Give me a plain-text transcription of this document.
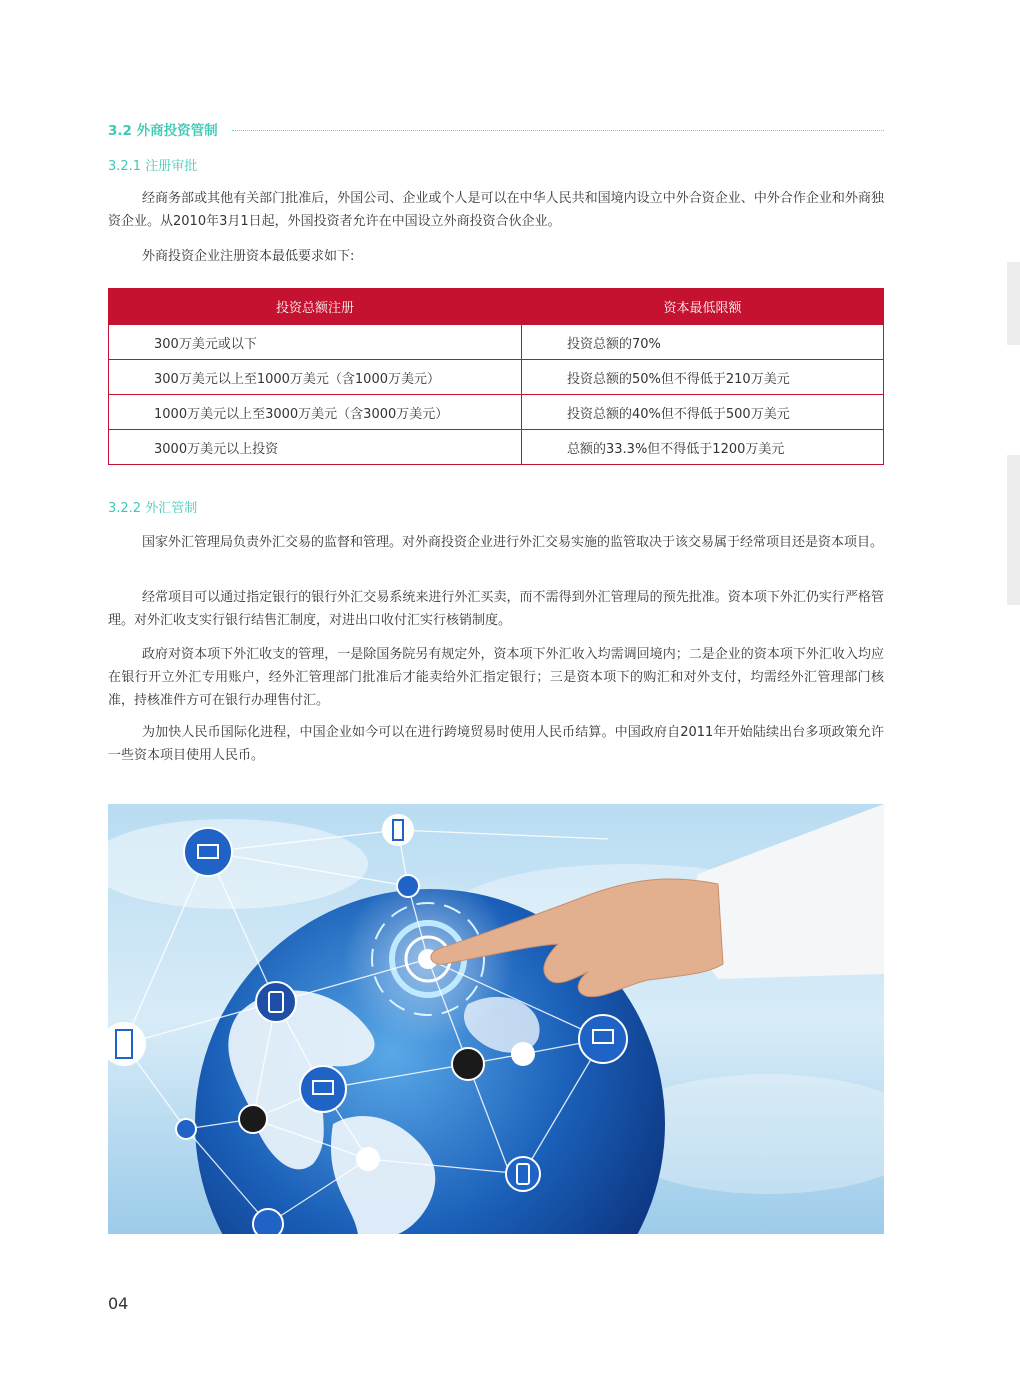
3.2 外商投资管制
3.2.1 注册审批

经商务部或其他有关部门批准后，外国公司、企业或个人是可以在中华人民共和国境内设立中外合资企业、中外合作企业和外商独资企业。从2010年3月1日起，外国投资者允许在中国设立外商投资合伙企业。

外商投资企业注册资本最低要求如下:

投资总额注册	资本最低限额
300万美元或以下	投资总额的70%
300万美元以上至1000万美元（含1000万美元）	投资总额的50%但不得低于210万美元
1000万美元以上至3000万美元（含3000万美元）	投资总额的40%但不得低于500万美元
3000万美元以上投资	总额的33.3%但不得低于1200万美元
3.2.2 外汇管制

国家外汇管理局负责外汇交易的监督和管理。对外商投资企业进行外汇交易实施的监管取决于该交易属于经常项目还是资本项目。

经常项目可以通过指定银行的银行外汇交易系统来进行外汇买卖，而不需得到外汇管理局的预先批准。资本项下外汇仍实行严格管理。对外汇收支实行银行结售汇制度，对进出口收付汇实行核销制度。

政府对资本项下外汇收支的管理，一是除国务院另有规定外，资本项下外汇收入均需调回境内；二是企业的资本项下外汇收入均应在银行开立外汇专用账户，经外汇管理部门批准后才能卖给外汇指定银行；三是资本项下的购汇和对外支付，均需经外汇管理部门核准，持核准件方可在银行办理售付汇。

为加快人民币国际化进程，中国企业如今可以在进行跨境贸易时使用人民币结算。中国政府自2011年开始陆续出台多项政策允许一些资本项目使用人民币。

04
